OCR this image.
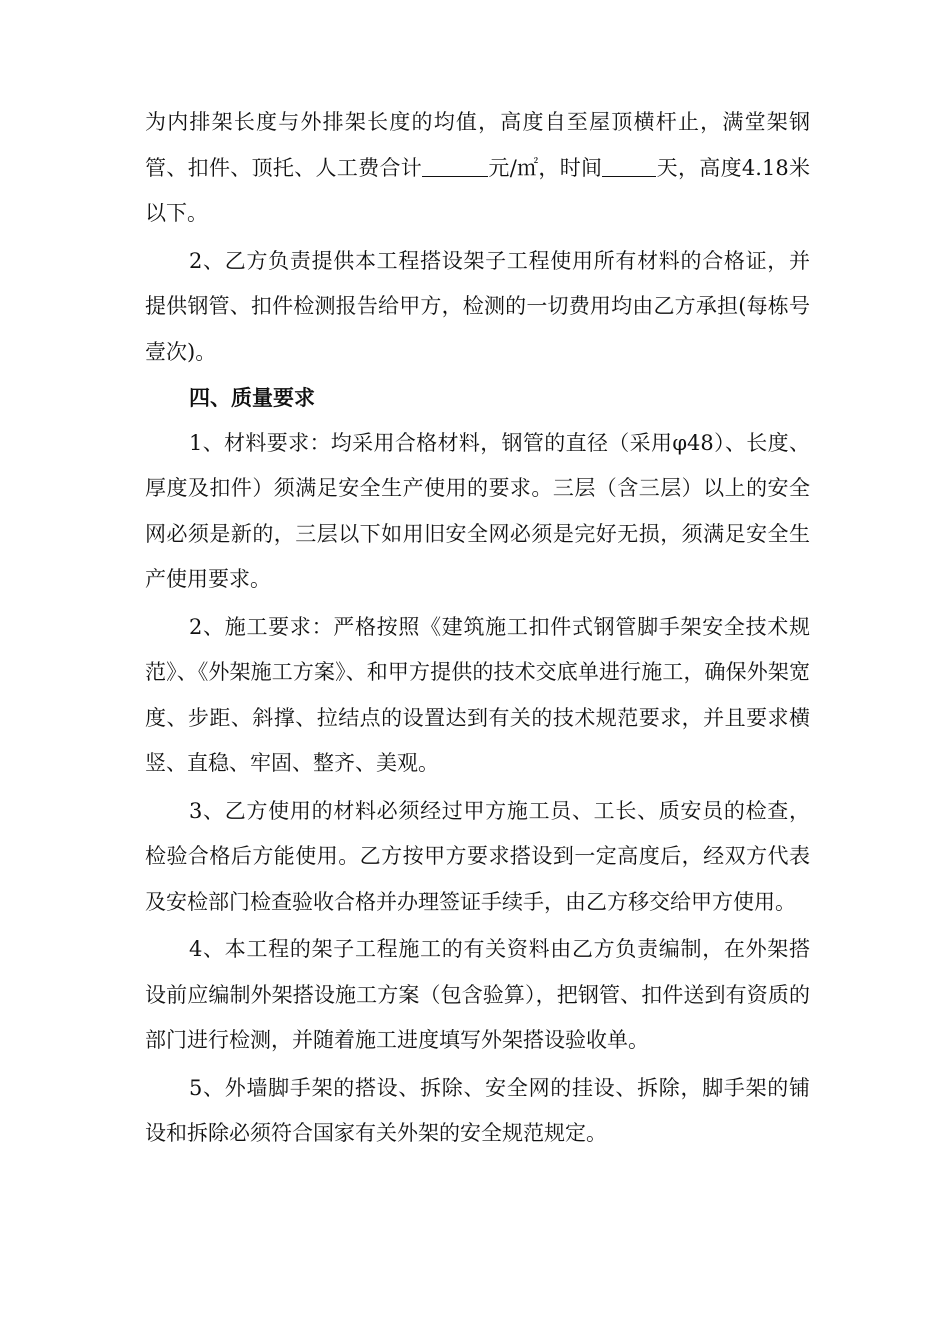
为内排架长度与外排架长度的均值，高度自至屋顶横杆止，满堂架钢管、扣件、顶托、人工费合计	元/㎡，时间	天，高度4.18米以下。

2、乙方负责提供本工程搭设架子工程使用所有材料的合格证，并提供钢管、扣件检测报告给甲方，检测的一切费用均由乙方承担(每栋号壹次)。

四、质量要求

1、材料要求：均采用合格材料，钢管的直径（采用φ48）、长度、厚度及扣件）须满足安全生产使用的要求。三层（含三层）以上的安全网必须是新的，三层以下如用旧安全网必须是完好无损，须满足安全生产使用要求。

2、施工要求：严格按照《建筑施工扣件式钢管脚手架安全技术规范》、《外架施工方案》、和甲方提供的技术交底单进行施工，确保外架宽度、步距、斜撑、拉结点的设置达到有关的技术规范要求，并且要求横竖、直稳、牢固、整齐、美观。

3、乙方使用的材料必须经过甲方施工员、工长、质安员的检查，检验合格后方能使用。乙方按甲方要求搭设到一定高度后，经双方代表及安检部门检查验收合格并办理签证手续手，由乙方移交给甲方使用。

4、本工程的架子工程施工的有关资料由乙方负责编制，在外架搭设前应编制外架搭设施工方案（包含验算），把钢管、扣件送到有资质的部门进行检测，并随着施工进度填写外架搭设验收单。

5、外墙脚手架的搭设、拆除、安全网的挂设、拆除，脚手架的铺设和拆除必须符合国家有关外架的安全规范规定。
